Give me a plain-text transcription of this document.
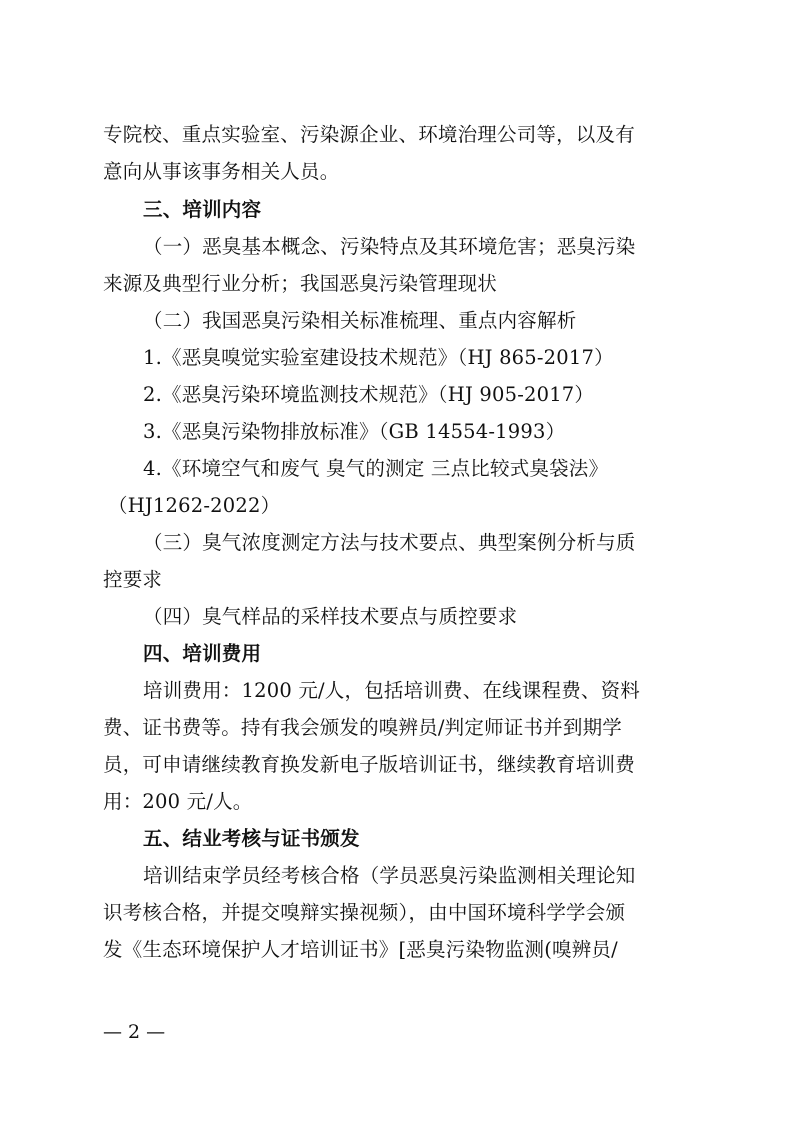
专院校、重点实验室、污染源企业、环境治理公司等，以及有
意向从事该事务相关人员。
三、培训内容
（一）恶臭基本概念、污染特点及其环境危害；恶臭污染
来源及典型行业分析；我国恶臭污染管理现状
（二）我国恶臭污染相关标准梳理、重点内容解析
1.《恶臭嗅觉实验室建设技术规范》（HJ 865-2017）
2.《恶臭污染环境监测技术规范》（HJ 905-2017）
3.《恶臭污染物排放标准》（GB 14554-1993）
4.《环境空气和废气 臭气的测定 三点比较式臭袋法》
（HJ1262-2022）
（三）臭气浓度测定方法与技术要点、典型案例分析与质
控要求
（四）臭气样品的采样技术要点与质控要求
四、培训费用
培训费用：1200 元/人，包括培训费、在线课程费、资料
费、证书费等。持有我会颁发的嗅辨员/判定师证书并到期学
员，可申请继续教育换发新电子版培训证书，继续教育培训费
用：200 元/人。
五、结业考核与证书颁发
培训结束学员经考核合格（学员恶臭污染监测相关理论知
识考核合格，并提交嗅辩实操视频），由中国环境科学学会颁
发《生态环境保护人才培训证书》[恶臭污染物监测(嗅辨员/
— 2 —
